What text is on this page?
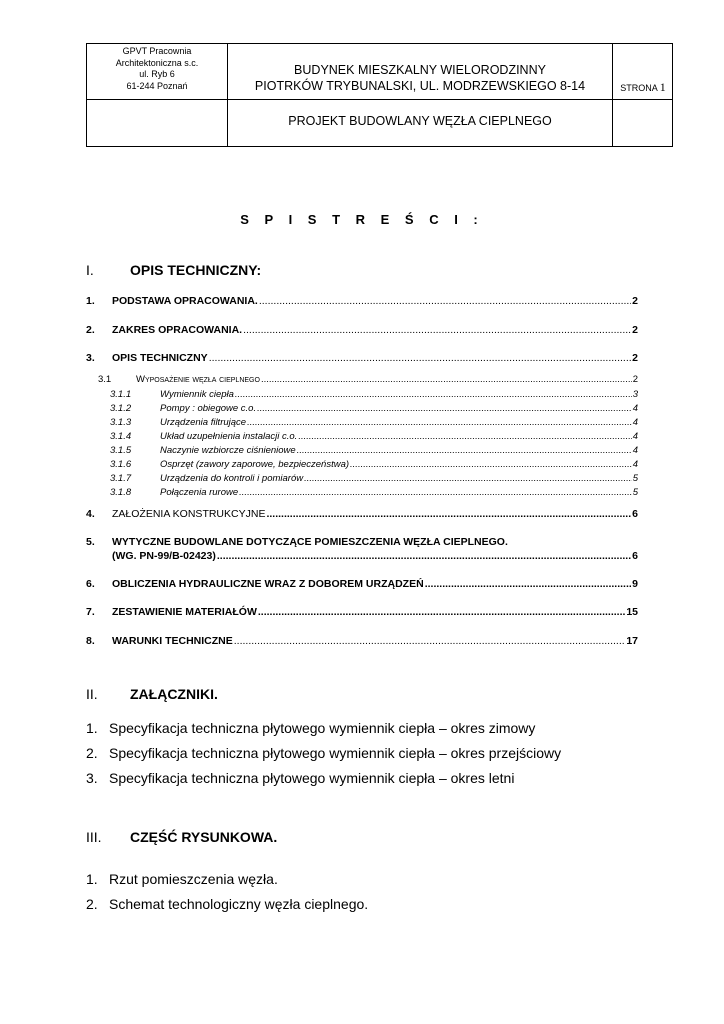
GPVT Pracownia
Architektoniczna s.c.
ul. Ryb 6
61-244 Poznań
BUDYNEK MIESZKALNY WIELORODZINNY
PIOTRKÓW TRYBUNALSKI, UL. MODRZEWSKIEGO 8-14	STRONA 1
PROJEKT BUDOWLANY WĘZŁA CIEPLNEGO
S P I S T R E Ś C I :
I.	OPIS TECHNICZNY:
1.	PODSTAWA OPRACOWANIA. .....	2
2.	ZAKRES OPRACOWANIA. .....	2
3.	OPIS TECHNICZNY .....	2
3.1	Wyposażenie węzła cieplnego .....	2
3.1.1	Wymiennik ciepła .....	3
3.1.2	Pompy : obiegowe c.o. .....	4
3.1.3	Urządzenia filtrujące .....	4
3.1.4	Układ uzupełnienia instalacji c.o. .....	4
3.1.5	Naczynie wzbiorcze ciśnieniowe .....	4
3.1.6	Osprzęt (zawory zaporowe, bezpieczeństwa) .....	4
3.1.7	Urządzenia do kontroli i pomiarów .....	5
3.1.8	Połączenia rurowe .....	5
4.	ZAŁOŻENIA KONSTRUKCYJNE .....	6
5.	WYTYCZNE BUDOWLANE DOTYCZĄCE POMIESZCZENIA WĘZŁA CIEPLNEGO.
(WG. PN-99/B-02423) .....	6
6.	OBLICZENIA HYDRAULICZNE WRAZ Z DOBOREM URZĄDZEŃ .....	9
7.	ZESTAWIENIE MATERIAŁÓW .....	15
8.	WARUNKI TECHNICZNE .....	17
II. ZAŁĄCZNIKI.
1. Specyfikacja techniczna płytowego wymiennik ciepła – okres zimowy
2. Specyfikacja techniczna płytowego wymiennik ciepła – okres przejściowy
3. Specyfikacja techniczna płytowego wymiennik ciepła – okres letni
III. CZĘŚĆ RYSUNKOWA.
1. Rzut pomieszczenia węzła.
2. Schemat technologiczny węzła cieplnego.
